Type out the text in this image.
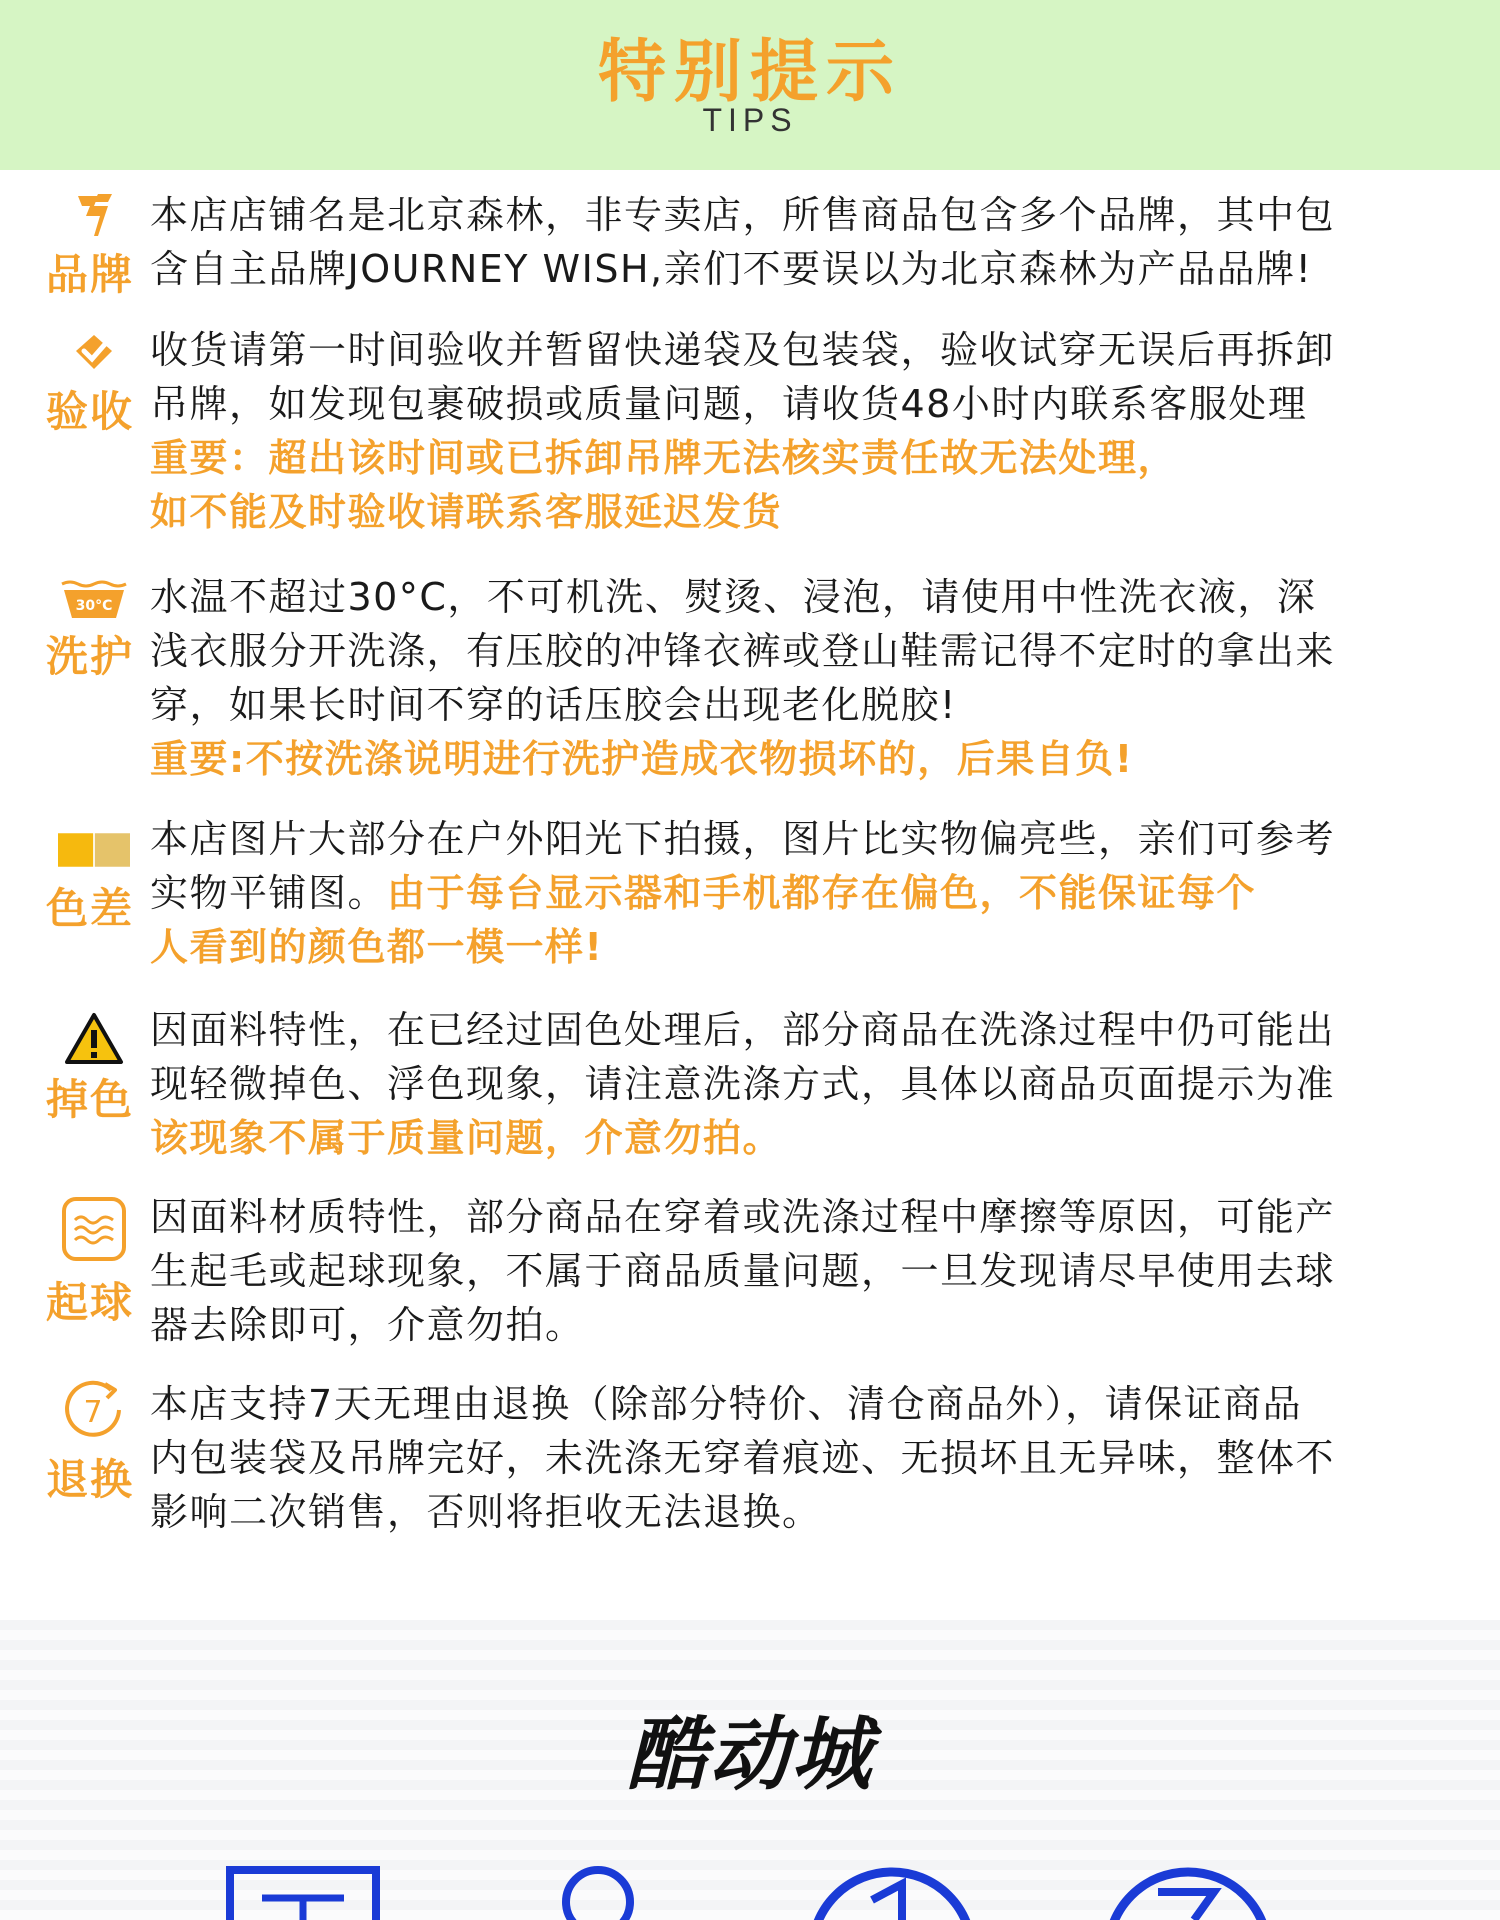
特别提示
TIPS
品牌
本店店铺名是北京森林，非专卖店，所售商品包含多个品牌，其中包
含自主品牌JOURNEY WISH,亲们不要误以为北京森林为产品品牌!
验收
收货请第一时间验收并暂留快递袋及包装袋，验收试穿无误后再拆卸
吊牌，如发现包裹破损或质量问题，请收货48小时内联系客服处理
重要：超出该时间或已拆卸吊牌无法核实责任故无法处理，
如不能及时验收请联系客服延迟发货
30°C
洗护
水温不超过30°C，不可机洗、熨烫、浸泡，请使用中性洗衣液，深
浅衣服分开洗涤，有压胶的冲锋衣裤或登山鞋需记得不定时的拿出来
穿，如果长时间不穿的话压胶会出现老化脱胶!
重要:不按洗涤说明进行洗护造成衣物损坏的，后果自负!
色差
本店图片大部分在户外阳光下拍摄，图片比实物偏亮些，亲们可参考
实物平铺图。由于每台显示器和手机都存在偏色，不能保证每个
人看到的颜色都一模一样!
掉色
因面料特性，在已经过固色处理后，部分商品在洗涤过程中仍可能出
现轻微掉色、浮色现象，请注意洗涤方式，具体以商品页面提示为准
该现象不属于质量问题，介意勿拍。
起球
因面料材质特性，部分商品在穿着或洗涤过程中摩擦等原因，可能产
生起毛或起球现象，不属于商品质量问题，一旦发现请尽早使用去球
器去除即可，介意勿拍。
7
退换
本店支持7天无理由退换（除部分特价、清仓商品外），请保证商品
内包装袋及吊牌完好，未洗涤无穿着痕迹、无损坏且无异味，整体不
影响二次销售，否则将拒收无法退换。
酷动城
